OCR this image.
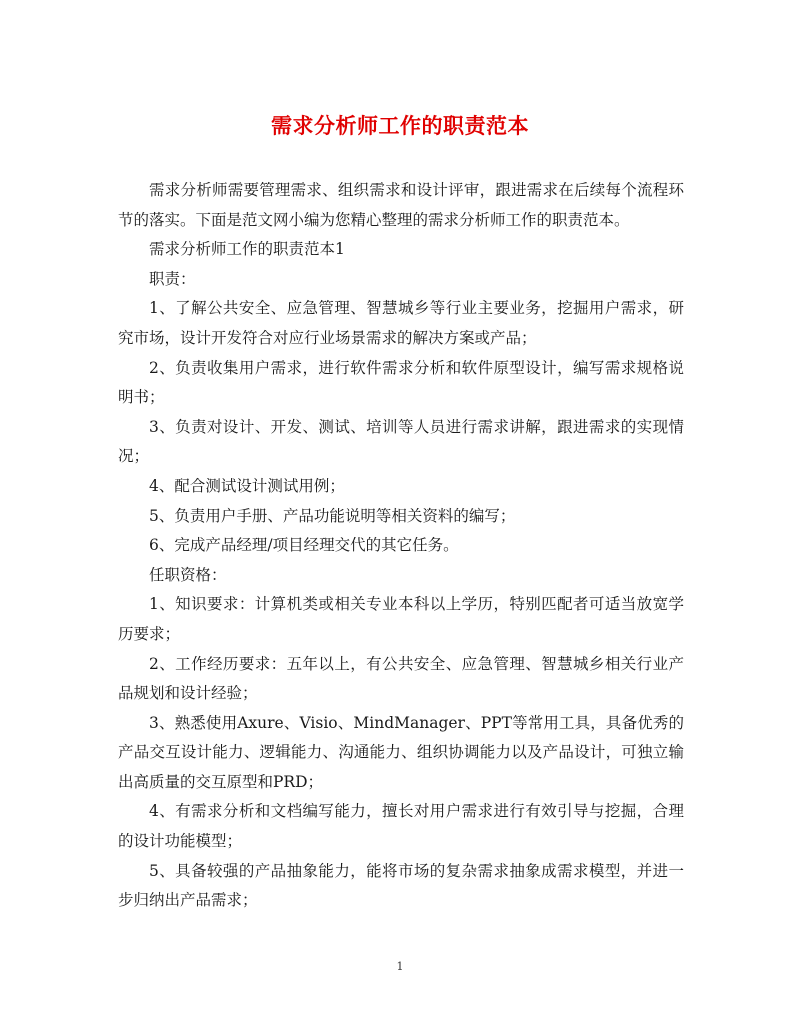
需求分析师工作的职责范本

需求分析师需要管理需求、组织需求和设计评审，跟进需求在后续每个流程环节的落实。下面是范文网小编为您精心整理的需求分析师工作的职责范本。

需求分析师工作的职责范本1

职责：

1、了解公共安全、应急管理、智慧城乡等行业主要业务，挖掘用户需求，研究市场，设计开发符合对应行业场景需求的解决方案或产品；

2、负责收集用户需求，进行软件需求分析和软件原型设计，编写需求规格说明书；

3、负责对设计、开发、测试、培训等人员进行需求讲解，跟进需求的实现情况；

4、配合测试设计测试用例；

5、负责用户手册、产品功能说明等相关资料的编写；

6、完成产品经理/项目经理交代的其它任务。

任职资格：

1、知识要求：计算机类或相关专业本科以上学历，特别匹配者可适当放宽学历要求；

2、工作经历要求：五年以上，有公共安全、应急管理、智慧城乡相关行业产品规划和设计经验；

3、熟悉使用Axure、Visio、MindManager、PPT等常用工具，具备优秀的产品交互设计能力、逻辑能力、沟通能力、组织协调能力以及产品设计，可独立输出高质量的交互原型和PRD；

4、有需求分析和文档编写能力，擅长对用户需求进行有效引导与挖掘，合理的设计功能模型；

5、具备较强的产品抽象能力，能将市场的复杂需求抽象成需求模型，并进一步归纳出产品需求；

1
